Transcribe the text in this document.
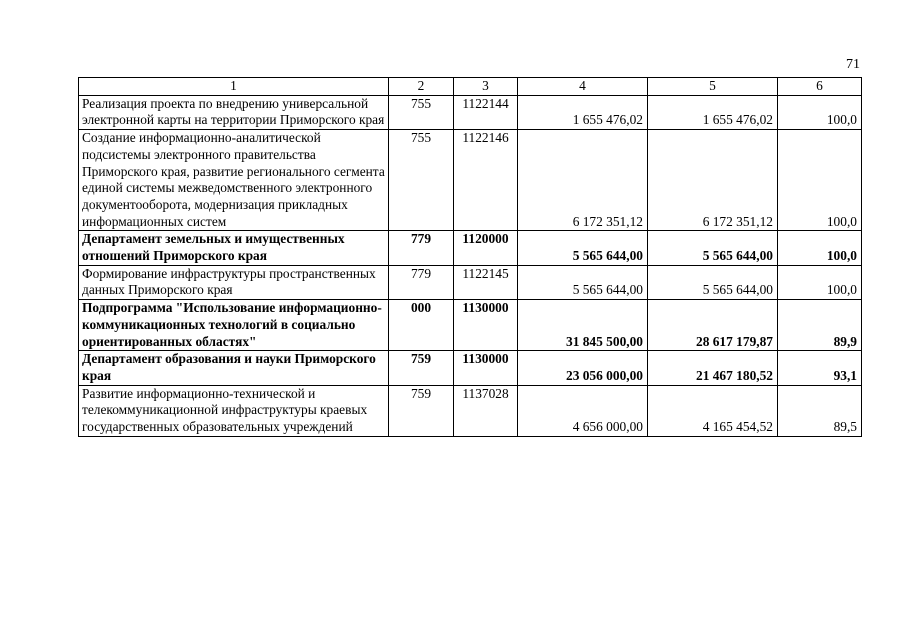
71
1	2	3	4	5	6
Реализация проекта по внедрению универсальной электронной карты на территории Приморского края	755	1122144	1 655 476,02	1 655 476,02	100,0
Создание информационно-аналитической подсистемы электронного правительства Приморского края, развитие регионального сегмента единой системы межведомственного электронного документооборота, модернизация прикладных информационных систем	755	1122146	6 172 351,12	6 172 351,12	100,0
Департамент земельных и имущественных отношений Приморского края	779	1120000	5 565 644,00	5 565 644,00	100,0
Формирование инфраструктуры пространственных данных Приморского края	779	1122145	5 565 644,00	5 565 644,00	100,0
Подпрограмма "Использование информационно-коммуникационных технологий в социально ориентированных областях"	000	1130000	31 845 500,00	28 617 179,87	89,9
Департамент образования и науки Приморского края	759	1130000	23 056 000,00	21 467 180,52	93,1
Развитие информационно-технической и телекоммуникационной инфраструктуры краевых государственных образовательных учреждений	759	1137028	4 656 000,00	4 165 454,52	89,5
